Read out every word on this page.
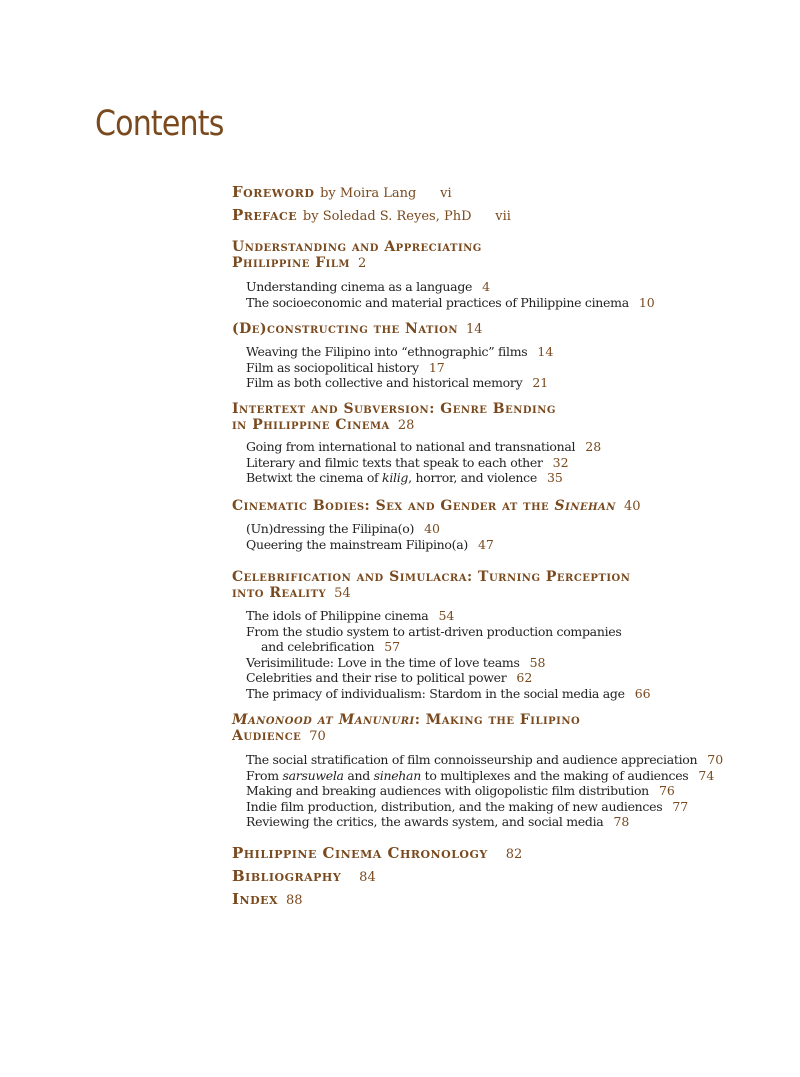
Contents
Foreword by Moira Lang vi
Preface by Soledad S. Reyes, PhD vii
Understanding and Appreciating
Philippine Film 2
Understanding cinema as a language 4
The socioeconomic and material practices of Philippine cinema 10
(De)constructing the Nation 14
Weaving the Filipino into “ethnographic” films 14
Film as sociopolitical history 17
Film as both collective and historical memory 21
Intertext and Subversion: Genre Bending
in Philippine Cinema 28
Going from international to national and transnational 28
Literary and filmic texts that speak to each other 32
Betwixt the cinema of kilig, horror, and violence 35
Cinematic Bodies: Sex and Gender at the Sinehan 40
(Un)dressing the Filipina(o) 40
Queering the mainstream Filipino(a) 47
Celebrification and Simulacra: Turning Perception
into Reality 54
The idols of Philippine cinema 54
From the studio system to artist-driven production companies
and celebrification 57
Verisimilitude: Love in the time of love teams 58
Celebrities and their rise to political power 62
The primacy of individualism: Stardom in the social media age 66
Manonood at Manunuri: Making the Filipino
Audience 70
The social stratification of film connoisseurship and audience appreciation 70
From sarsuwela and sinehan to multiplexes and the making of audiences 74
Making and breaking audiences with oligopolistic film distribution 76
Indie film production, distribution, and the making of new audiences 77
Reviewing the critics, the awards system, and social media 78
Philippine Cinema Chronology 82
Bibliography 84
Index 88
